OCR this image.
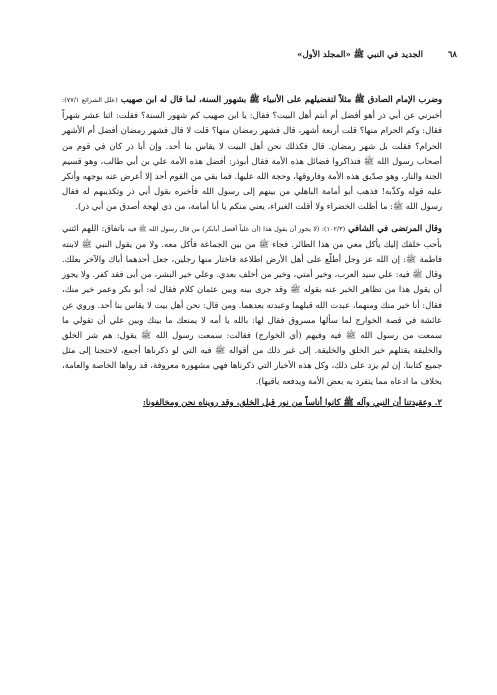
٦٨
الجديد في النبي ﷺ «المجلد الأول»

وضرب الإمام الصادق ﷺ مثلاً لتفضيلهم على الأنبياء ﷺ بشهور السنة، لما قال له ابن صهيب (علل الشرائع ٧٧/١): أخبرني عن أبي ذر أهو أفضل أم أنتم أهل البيت؟ فقال: يا ابن صهيب كم شهور السنة؟ فقلت: اثنا عشر شهراً فقال: وكم الحرام منها؟ قلت أربعة أشهر، قال فشهر رمضان منها؟ قلت لا قال فشهر رمضان أفضل أم الأشهر الحرام؟ فقلت بل شهر رمضان. قال فكذلك نحن أهل البيت لا يقاس بنا أحد. وإن أبا ذر كان في قوم من أصحاب رسول الله ﷺ فتذاكروا فضائل هذه الأمة فقال أبوذر: أفضل هذه الأمة علي بن أبي طالب، وهو قسيم الجنة والنار، وهو صدّيق هذه الأمة وفاروقها، وحجة الله عليها. فما بقي من القوم أحد إلا أعرض عنه بوجهه وأنكر عليه قوله وكذّبه! فذهب أبو أمامة الباهلي من بينهم إلى رسول الله فأخبره بقول أبي ذر وتكذيبهم له فقال رسول الله ﷺ: ما أظلت الخضراء ولا أقلت الغبراء، يعني منكم يا أبا أمامة، من ذي لهجة أصدق من أبي ذر).

وقال المرتضى في الشافي (١٠٢/٣): (لا يجوز أن يقول هذا (أن علياً أفضل أبابكر) من قال رسول الله ﷺ فيه باتفاق: اللهم ائتني بأحب خلقك إليك يأكل معي من هذا الطائر. فجاء ﷺ من بين الجماعة فأكل معه. ولا من يقول النبي ﷺ لابنته فاطمة ﷺ: إن الله عز وجل أطلّع على أهل الأرض اطلاعة فاختار منها رجلين، جعل أحدهما أباك والآخر بعلك. وقال ﷺ فيه: علي سيد العرب، وخير أمتي، وخير من أخلف بعدي. وعلي خير البشر، من أبى فقد كفر. ولا يجوز أن يقول هذا من تظاهر الخبر عنه بقوله ﷺ وقد جرى بينه وبين عثمان كلام فقال له: أبو بكر وعمر خير منك، فقال: أنا خير منك ومنهما، عبدت الله قبلهما وعبدته بعدهما. ومن قال: نحن أهل بيت لا يقاس بنا أحد. وروي عن عائشة في قصة الخوارج لما سألها مسروق فقال لها: بالله يا أمه لا يمنعك ما بينك وبين علي أن تقولي ما سمعت من رسول الله ﷺ فيه وفيهم (أي الخوارج) فقالت: سمعت رسول الله ﷺ يقول: هم شر الخلق والخليقة يقتلهم خير الخلق والخليقة. إلى غير ذلك من أقواله ﷺ فيه التي لو ذكرناها أجمع، لاحتجنا إلى مثل جميع كتابنا. إن لم يزد على ذلك، وكل هذه الأخبار التي ذكرناها فهي مشهورة معروفة، قد رواها الخاصة والعامة، بخلاف ما ادعاه مما يتفرد به بعض الأمة ويدفعه باقيها).

٢. وعقيدتنا أن النبي وآله ﷺ كانوا أناساً من نور قبل الخلق، وقد رويناه نحن ومخالفونا:
